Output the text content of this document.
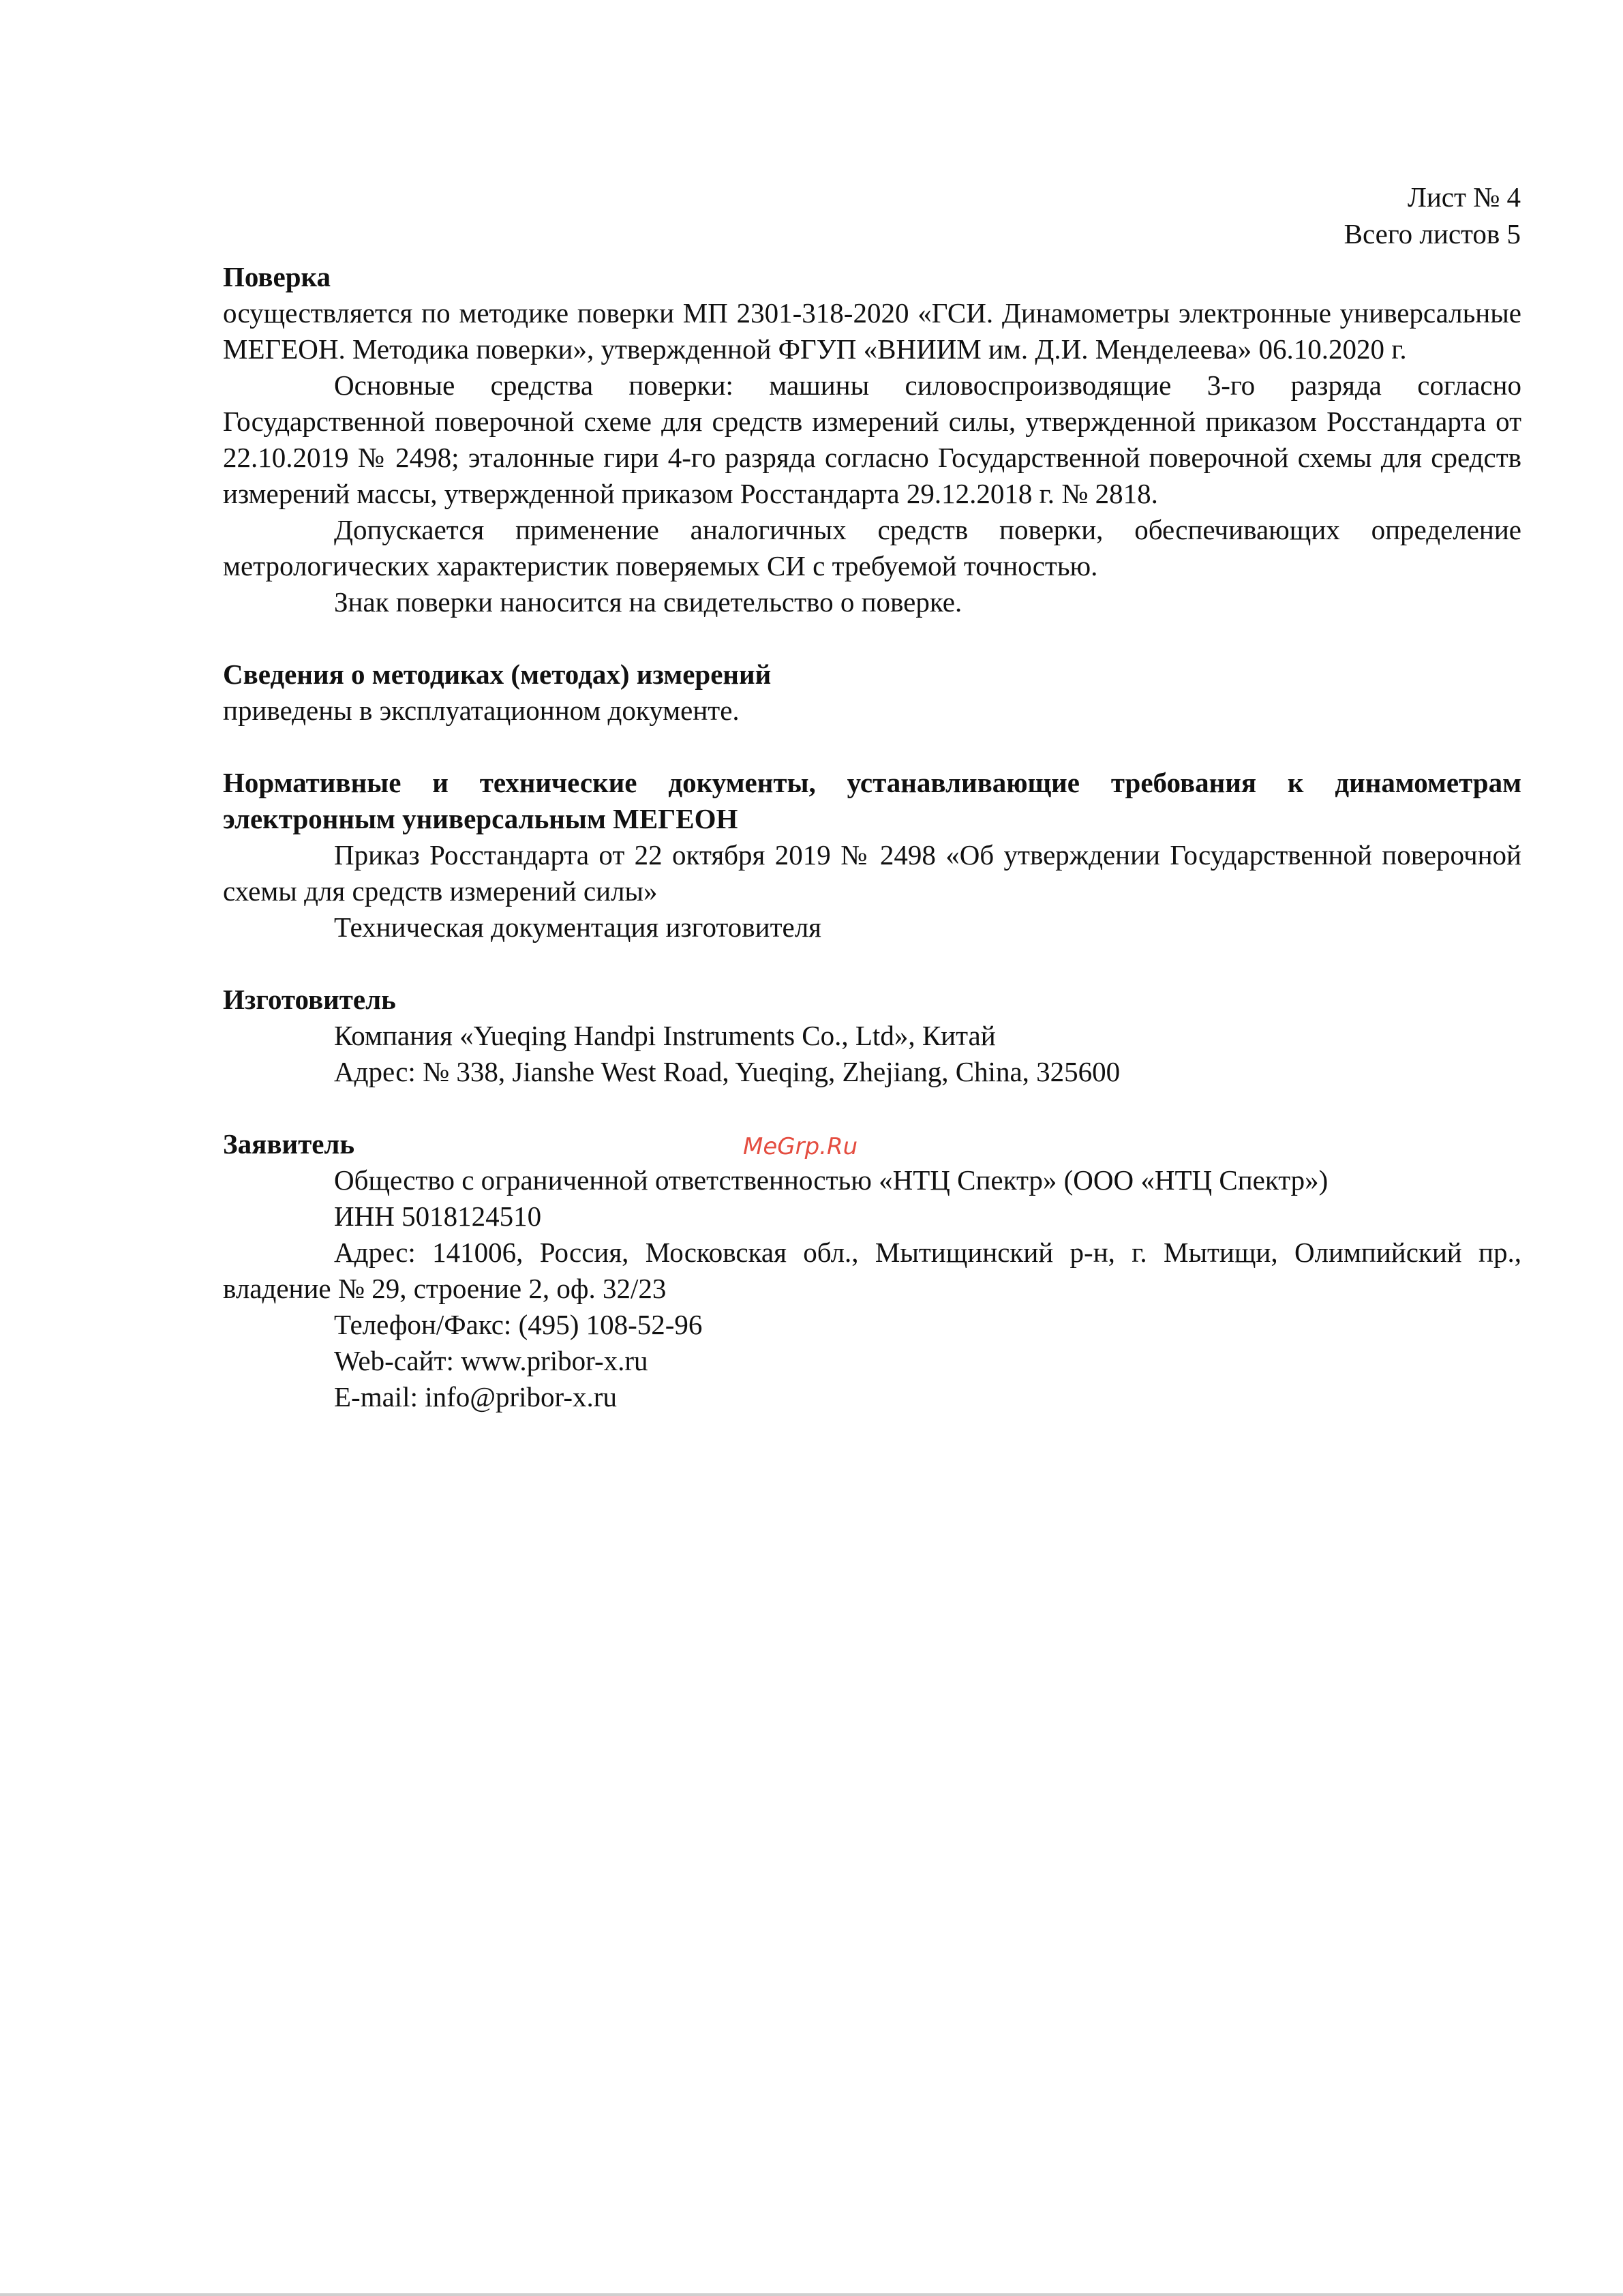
Лист № 4
Всего листов 5

Поверка

осуществляется по методике поверки МП 2301-318-2020 «ГСИ. Динамометры электронные универсальные МЕГЕОН. Методика поверки», утвержденной ФГУП «ВНИИМ им. Д.И. Менделеева» 06.10.2020 г.

Основные средства поверки: машины силовоспроизводящие 3-го разряда согласно Государственной поверочной схеме для средств измерений силы, утвержденной приказом Росстандарта от 22.10.2019 № 2498; эталонные гири 4-го разряда согласно Государственной поверочной схемы для средств измерений массы, утвержденной приказом Росстандарта 29.12.2018 г. № 2818.

Допускается применение аналогичных средств поверки, обеспечивающих определение метрологических характеристик поверяемых СИ с требуемой точностью.

Знак поверки наносится на свидетельство о поверке.

Сведения о методиках (методах) измерений

приведены в эксплуатационном документе.

Нормативные и технические документы, устанавливающие требования к динамометрам электронным универсальным МЕГЕОН

Приказ Росстандарта от 22 октября 2019 № 2498 «Об утверждении Государственной поверочной схемы для средств измерений силы»

Техническая документация изготовителя

Изготовитель

Компания «Yueqing Handpi Instruments Co., Ltd», Китай

Адрес: № 338, Jianshe West Road, Yueqing, Zhejiang, China, 325600

Заявитель

Общество с ограниченной ответственностью «НТЦ Спектр» (ООО «НТЦ Спектр»)

ИНН 5018124510

Адрес: 141006, Россия, Московская обл., Мытищинский р-н, г. Мытищи, Олимпийский пр., владение № 29, строение 2, оф. 32/23

Телефон/Факс: (495) 108-52-96

Web-сайт: www.pribor-x.ru

E-mail: info@pribor-x.ru

MeGrp.Ru
